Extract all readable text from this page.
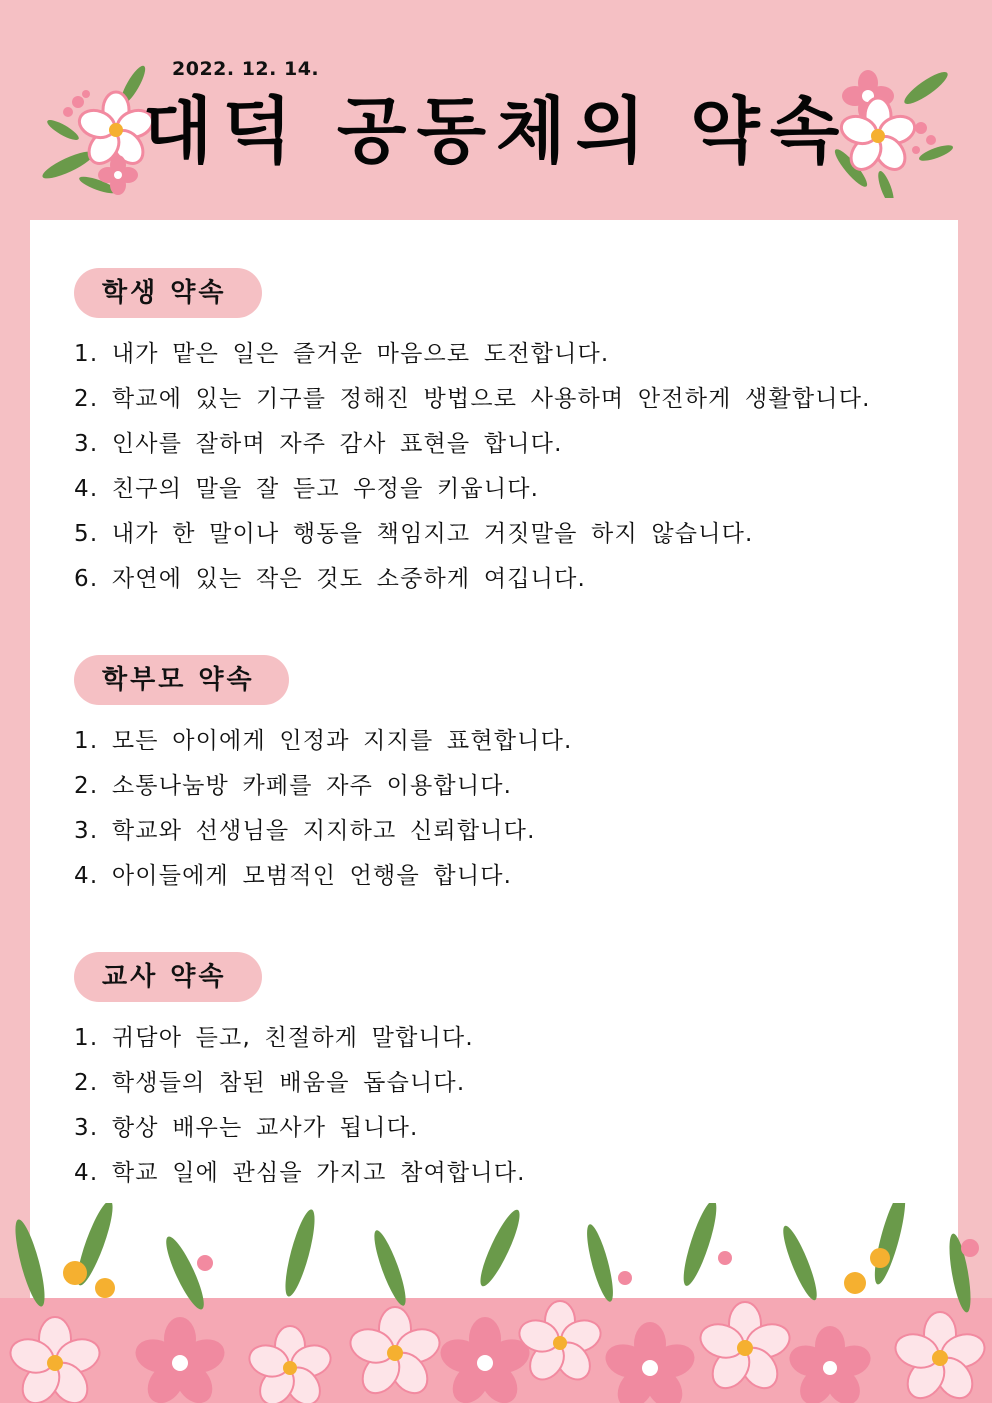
2022. 12. 14.
대덕 공동체의 약속
학생 약속
1. 내가 맡은 일은 즐거운 마음으로 도전합니다.
2. 학교에 있는 기구를 정해진 방법으로 사용하며 안전하게 생활합니다.
3. 인사를 잘하며 자주 감사 표현을 합니다.
4. 친구의 말을 잘 듣고 우정을 키웁니다.
5. 내가 한 말이나 행동을 책임지고 거짓말을 하지 않습니다.
6. 자연에 있는 작은 것도 소중하게 여깁니다.
학부모 약속
1. 모든 아이에게 인정과 지지를 표현합니다.
2. 소통나눔방 카페를 자주 이용합니다.
3. 학교와 선생님을 지지하고 신뢰합니다.
4. 아이들에게 모범적인 언행을 합니다.
교사 약속
1. 귀담아 듣고, 친절하게 말합니다.
2. 학생들의 참된 배움을 돕습니다.
3. 항상 배우는 교사가 됩니다.
4. 학교 일에 관심을 가지고 참여합니다.
